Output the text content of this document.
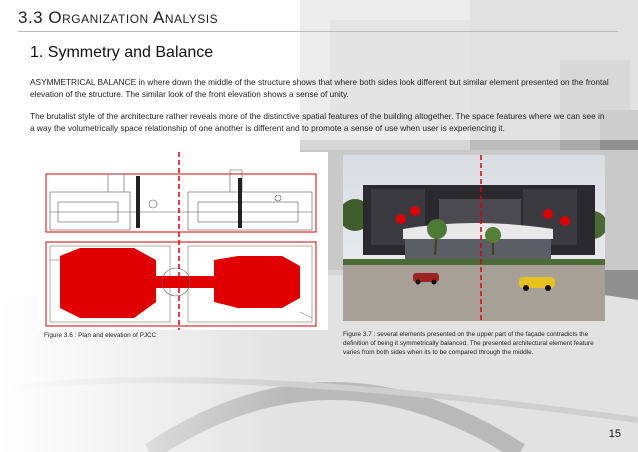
3.3 Organization Analysis
1. Symmetry and Balance
ASYMMETRICAL BALANCE in where down the middle of the structure shows that where both sides look different but similar element presented on the frontal elevation of the structure. The similar look of the front elevation shows a sense of unity.
The brutalist style of the architecture rather reveals more of the distinctive spatial features of the building altogether. The space features where we can see in a way the volumetrically space relationship of one another is different and to promote a sense of use when user is experiencing it.
Figure 3.6 : Plan and elevation of PJCC	Figure 3.7 : several elements presented on the upper part of the façade contradicts the definition of being it symmetrically balanced. The presented architectural element feature varies from both sides when its to be compared through the middle.
15
